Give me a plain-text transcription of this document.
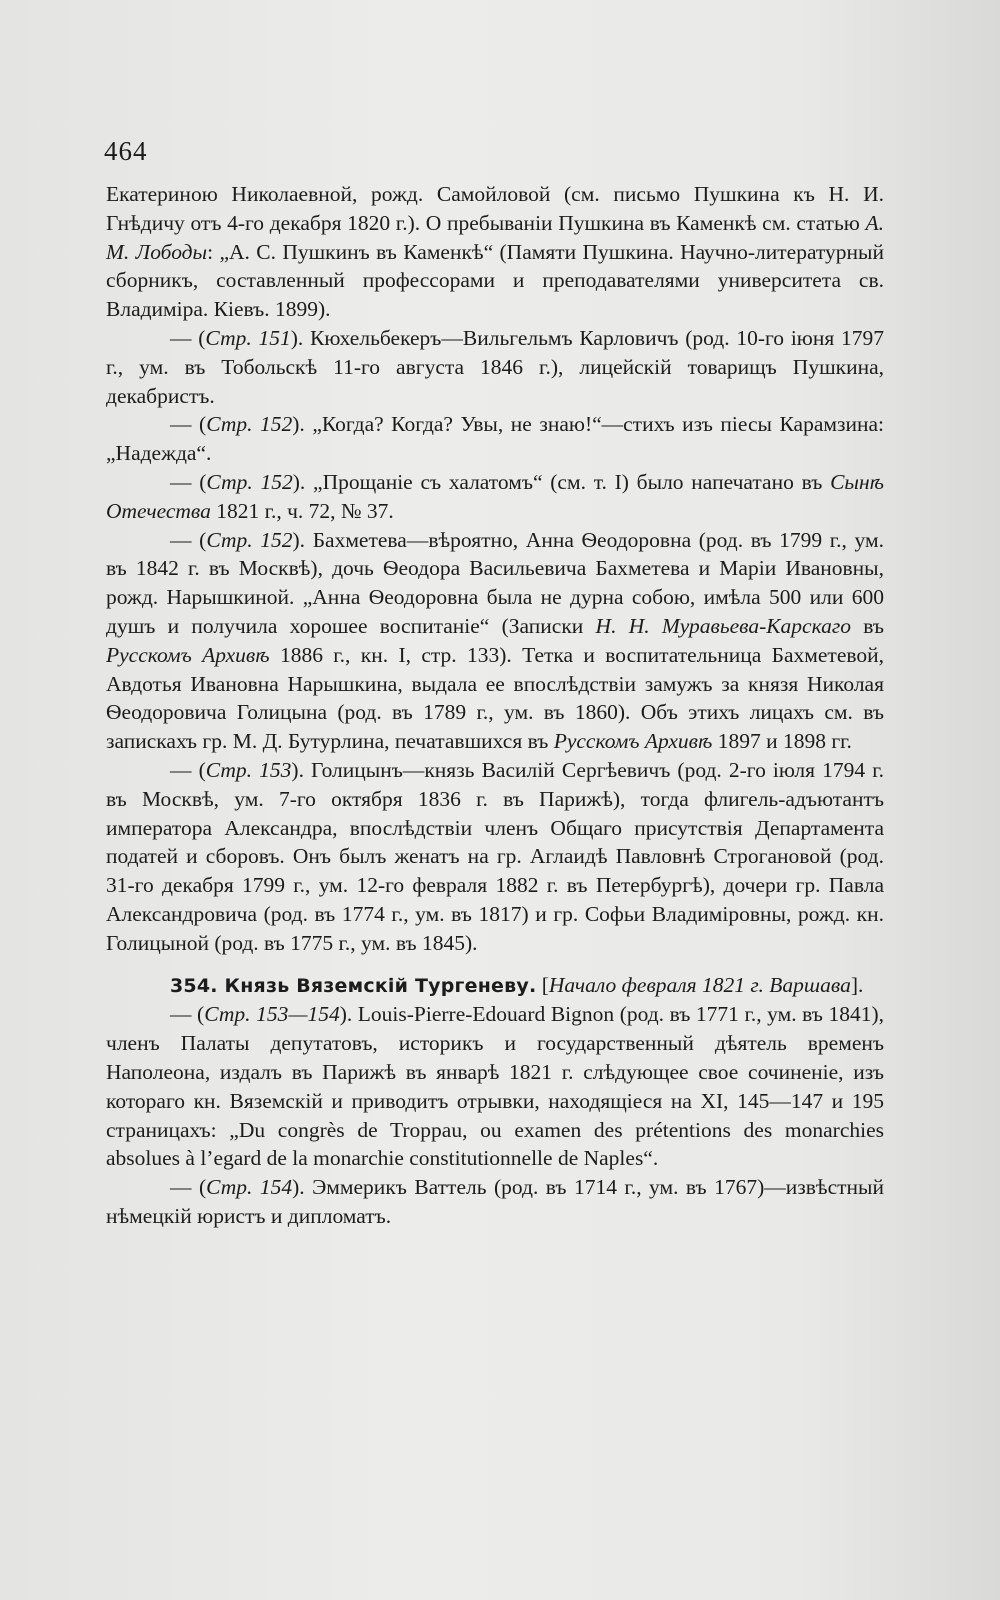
464

Екатериною Николаевной, рожд. Самойловой (см. письмо Пушкина къ Н. И. Гнѣдичу отъ 4-го декабря 1820 г.). О пребываніи Пушкина въ Каменкѣ см. статью А. М. Лободы: „А. С. Пушкинъ въ Каменкѣ“ (Памяти Пушкина. Научно-литературный сборникъ, составленный профессорами и преподавателями университета св. Владиміра. Кіевъ. 1899).

— (Стр. 151). Кюхельбекеръ—Вильгельмъ Карловичъ (род. 10-го іюня 1797 г., ум. въ Тобольскѣ 11-го августа 1846 г.), лицейскій товарищъ Пушкина, декабристъ.

— (Стр. 152). „Когда? Когда? Увы, не знаю!“—стихъ изъ піесы Карамзина: „Надежда“.

— (Стр. 152). „Прощаніе съ халатомъ“ (см. т. I) было напечатано въ Сынѣ Отечества 1821 г., ч. 72, № 37.

— (Стр. 152). Бахметева—вѣроятно, Анна Ѳеодоровна (род. въ 1799 г., ум. въ 1842 г. въ Москвѣ), дочь Ѳеодора Васильевича Бахметева и Маріи Ивановны, рожд. Нарышкиной. „Анна Ѳеодоровна была не дурна собою, имѣла 500 или 600 душъ и получила хорошее воспитаніе“ (Записки Н. Н. Муравьева-Карскаго въ Русскомъ Архивѣ 1886 г., кн. I, стр. 133). Тетка и воспитательница Бахметевой, Авдотья Ивановна Нарышкина, выдала ее впослѣдствіи замужъ за князя Николая Ѳеодоровича Голицына (род. въ 1789 г., ум. въ 1860). Объ этихъ лицахъ см. въ запискахъ гр. М. Д. Бутурлина, печатавшихся въ Русскомъ Архивѣ 1897 и 1898 гг.

— (Стр. 153). Голицынъ—князь Василій Сергѣевичъ (род. 2-го іюля 1794 г. въ Москвѣ, ум. 7-го октября 1836 г. въ Парижѣ), тогда флигель-адъютантъ императора Александра, впослѣдствіи членъ Общаго присутствія Департамента податей и сборовъ. Онъ былъ женатъ на гр. Аглаидѣ Павловнѣ Строгановой (род. 31-го декабря 1799 г., ум. 12-го февраля 1882 г. въ Петербургѣ), дочери гр. Павла Александровича (род. въ 1774 г., ум. въ 1817) и гр. Софьи Владиміровны, рожд. кн. Голицыной (род. въ 1775 г., ум. въ 1845).

354. Князь Вяземскій Тургеневу. [Начало февраля 1821 г. Варшава].

— (Стр. 153—154). Louis-Pierre-Edouard Bignon (род. въ 1771 г., ум. въ 1841), членъ Палаты депутатовъ, историкъ и государственный дѣятель временъ Наполеона, издалъ въ Парижѣ въ январѣ 1821 г. слѣдующее свое сочиненіе, изъ котораго кн. Вяземскій и приводитъ отрывки, находящіеся на XI, 145—147 и 195 страницахъ: „Du congrès de Troppau, ou examen des prétentions des monarchies absolues à l’egard de la monarchie constitutionnelle de Naples“.

— (Стр. 154). Эммерикъ Ваттель (род. въ 1714 г., ум. въ 1767)—извѣстный нѣмецкій юристъ и дипломатъ.
